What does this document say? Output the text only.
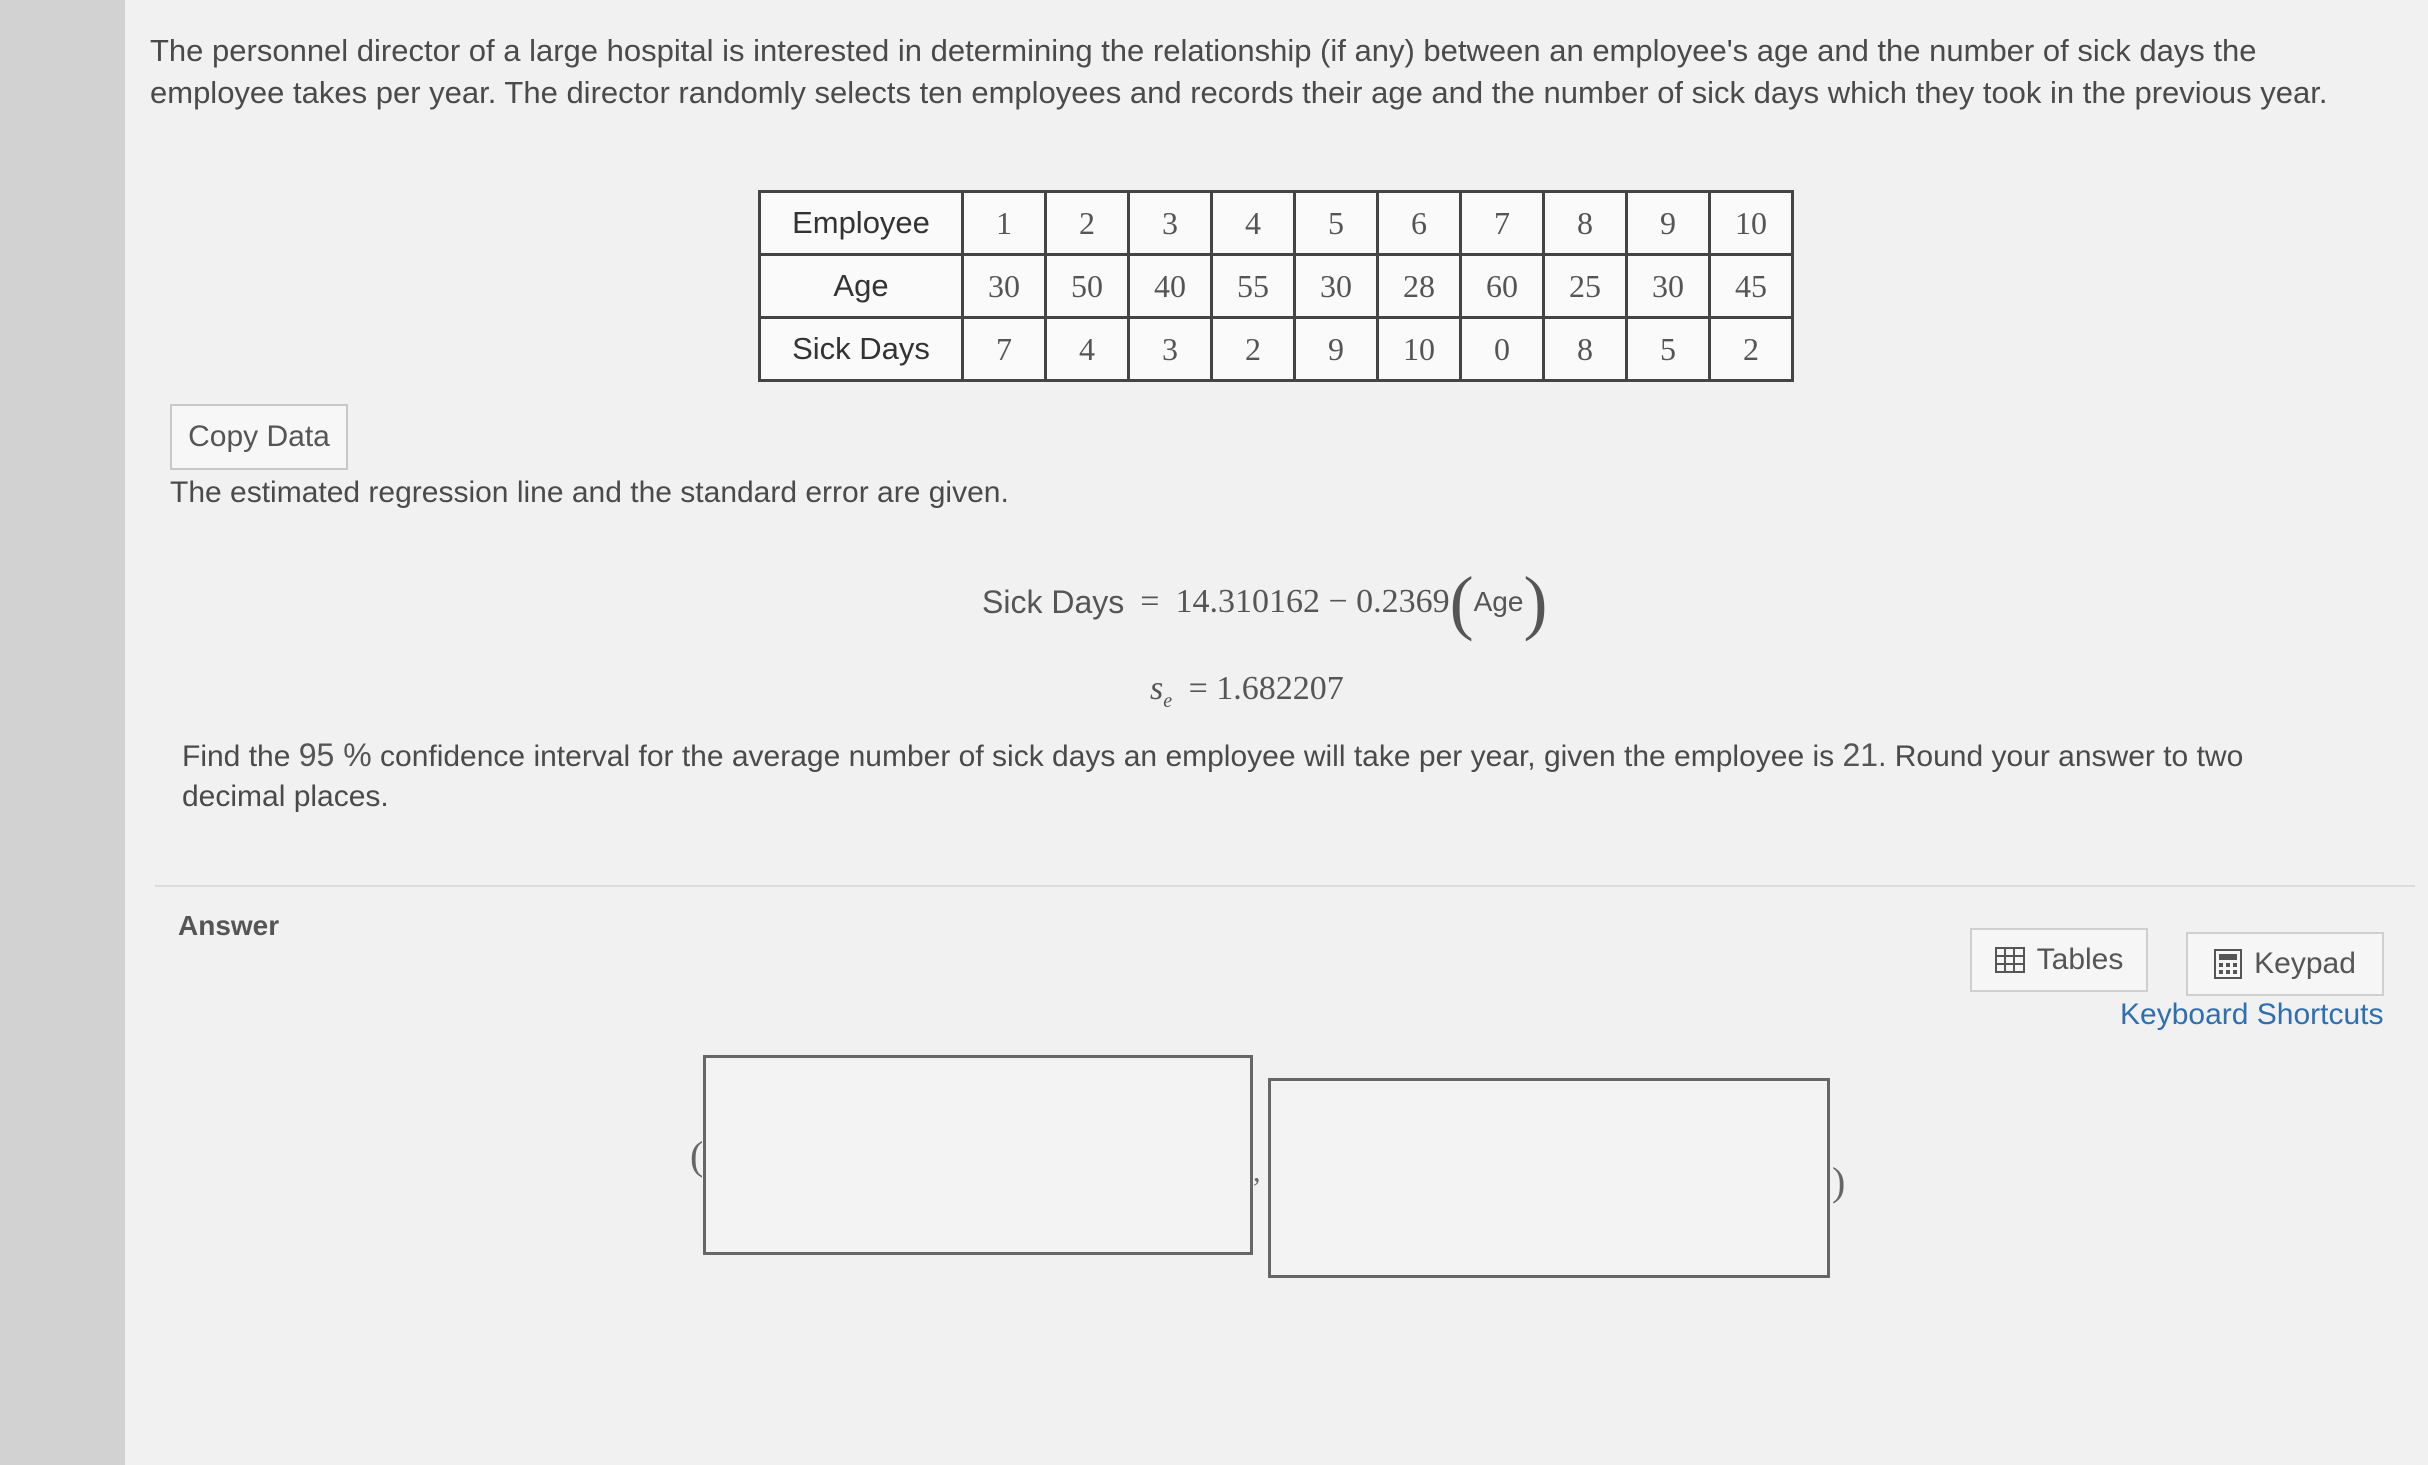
The personnel director of a large hospital is interested in determining the relationship (if any) between an employee's age and the number of sick days the employee takes per year. The director randomly selects ten employees and records their age and the number of sick days which they took in the previous year.
Employee	1	2	3	4	5	6	7	8	9	10
Age	30	50	40	55	30	28	60	25	30	45
Sick Days	7	4	3	2	9	10	0	8	5	2
Copy Data
The estimated regression line and the standard error are given.
Sick Days = 14.310162 − 0.2369 ( Age )
$s_e = 1.682207$
Find the 95 % confidence interval for the average number of sick days an employee will take per year, given the employee is 21. Round your answer to two decimal places.
Answer
Tables	Keypad
Keyboard Shortcuts
(	,	)
